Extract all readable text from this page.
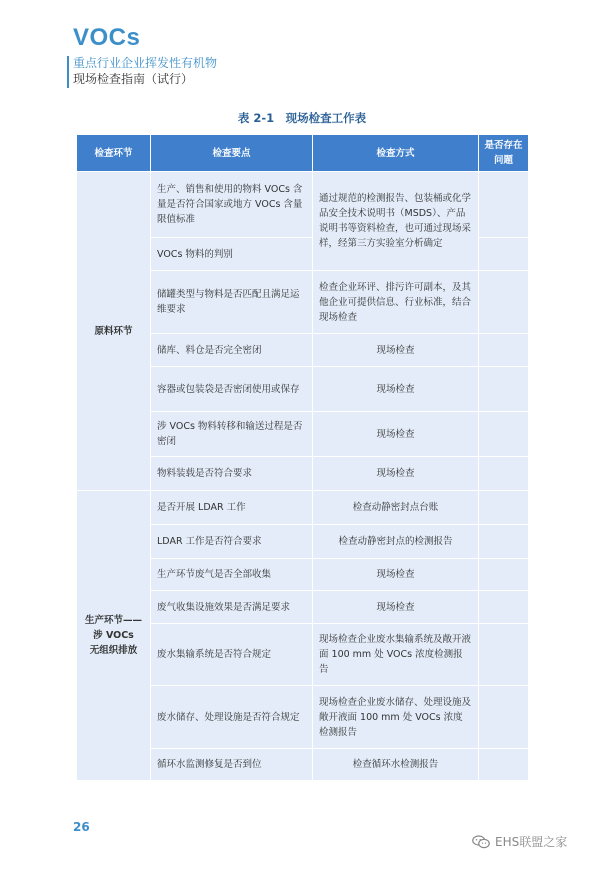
VOCs
重点行业企业挥发性有机物
现场检查指南（试行）
表 2-1　现场检查工作表
检查环节	检查要点	检查方式	是否存在问题
原料环节	生产、销售和使用的物料 VOCs 含量是否符合国家或地方 VOCs 含量限值标准	通过规范的检测报告、包装桶或化学品安全技术说明书（MSDS）、产品说明书等资料检查，也可通过现场采样，经第三方实验室分析确定	
	VOCs 物料的判别		
	储罐类型与物料是否匹配且满足运维要求	检查企业环评、排污许可副本，及其他企业可提供信息、行业标准，结合现场检查	
	储库、料仓是否完全密闭	现场检查	
	容器或包装袋是否密闭使用或保存	现场检查	
	涉 VOCs 物料转移和输送过程是否密闭	现场检查	
	物料装载是否符合要求	现场检查	
生产环节——
涉 VOCs
无组织排放	是否开展 LDAR 工作	检查动静密封点台账	
	LDAR 工作是否符合要求	检查动静密封点的检测报告	
	生产环节废气是否全部收集	现场检查	
	废气收集设施效果是否满足要求	现场检查	
	废水集输系统是否符合规定	现场检查企业废水集输系统及敞开液面 100 mm 处 VOCs 浓度检测报告	
	废水储存、处理设施是否符合规定	现场检查企业废水储存、处理设施及敞开液面 100 mm 处 VOCs 浓度检测报告	
	循环水监测修复是否到位	检查循环水检测报告	
26
EHS联盟之家
